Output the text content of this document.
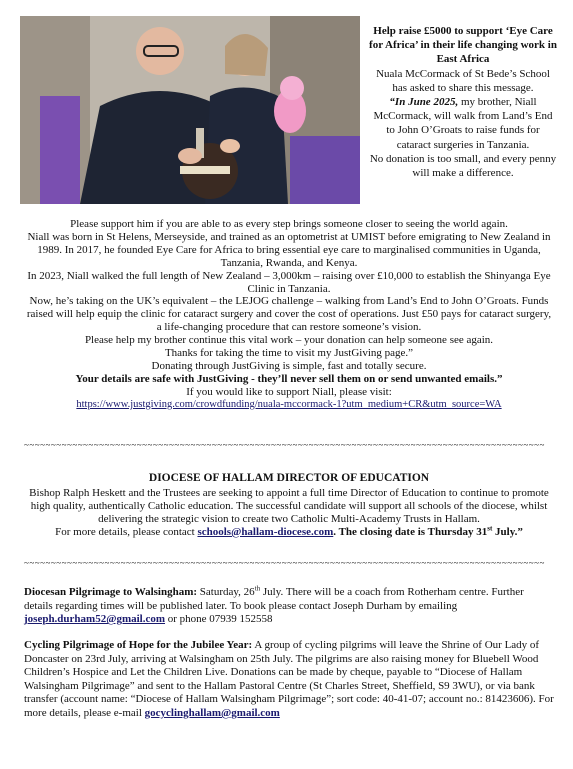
Help raise £5000 to support ‘Eye Care for Africa’ in their life changing work in East Africa
Nuala McCormack of St Bede’s School has asked to share this message.
“In June 2025, my brother, Niall McCormack, will walk from Land’s End to John O’Groats to raise funds for cataract surgeries in Tanzania.
No donation is too small, and every penny will make a difference.
Please support him if you are able to as every step brings someone closer to seeing the world again.
Niall was born in St Helens, Merseyside, and trained as an optometrist at UMIST before emigrating to New Zealand in 1989. In 2017, he founded Eye Care for Africa to bring essential eye care to marginalised communities in Uganda, Tanzania, Rwanda, and Kenya.
In 2023, Niall walked the full length of New Zealand – 3,000km – raising over £10,000 to establish the Shinyanga Eye Clinic in Tanzania.
Now, he’s taking on the UK’s equivalent – the LEJOG challenge – walking from Land’s End to John O’Groats. Funds raised will help equip the clinic for cataract surgery and cover the cost of operations. Just £50 pays for cataract surgery, a life-changing procedure that can restore someone’s vision.
Please help my brother continue this vital work – your donation can help someone see again.
Thanks for taking the time to visit my JustGiving page.”
Donating through JustGiving is simple, fast and totally secure.
Your details are safe with JustGiving - they’ll never sell them on or send unwanted emails.”
If you would like to support Niall, please visit:
https://www.justgiving.com/crowdfunding/nuala-mccormack-1?utm_medium+CR&utm_source=WA
~~~~~~~~~~~~~~~~~~~~~~~~~~~~~~~~~~~~~~~~~~~~~~~~~~~~~~~~~~~~~~~~~~~~~~~~~~~~~~~~~~~~~~~~~~~~~~~~~
DIOCESE OF HALLAM DIRECTOR OF EDUCATION
Bishop Ralph Heskett and the Trustees are seeking to appoint a full time Director of Education to continue to promote high quality, authentically Catholic education. The successful candidate will support all schools of the diocese, whilst delivering the strategic vision to create two Catholic Multi-Academy Trusts in Hallam.
For more details, please contact schools@hallam-diocese.com. The closing date is Thursday 31st July.”
~~~~~~~~~~~~~~~~~~~~~~~~~~~~~~~~~~~~~~~~~~~~~~~~~~~~~~~~~~~~~~~~~~~~~~~~~~~~~~~~~~~~~~~~~~~~~~~~~
Diocesan Pilgrimage to Walsingham: Saturday, 26th July. There will be a coach from Rotherham centre. Further details regarding times will be published later. To book please contact Joseph Durham by emailing joseph.durham52@gmail.com or phone 07939 152558
Cycling Pilgrimage of Hope for the Jubilee Year: A group of cycling pilgrims will leave the Shrine of Our Lady of Doncaster on 23rd July, arriving at Walsingham on 25th July. The pilgrims are also raising money for Bluebell Wood Children’s Hospice and Let the Children Live. Donations can be made by cheque, payable to “Diocese of Hallam Walsingham Pilgrimage” and sent to the Hallam Pastoral Centre (St Charles Street, Sheffield, S9 3WU), or via bank transfer (account name: “Diocese of Hallam Walsingham Pilgrimage”; sort code: 40-41-07; account no.: 81423606). For more details, please e-mail gocyclinghallam@gmail.com
